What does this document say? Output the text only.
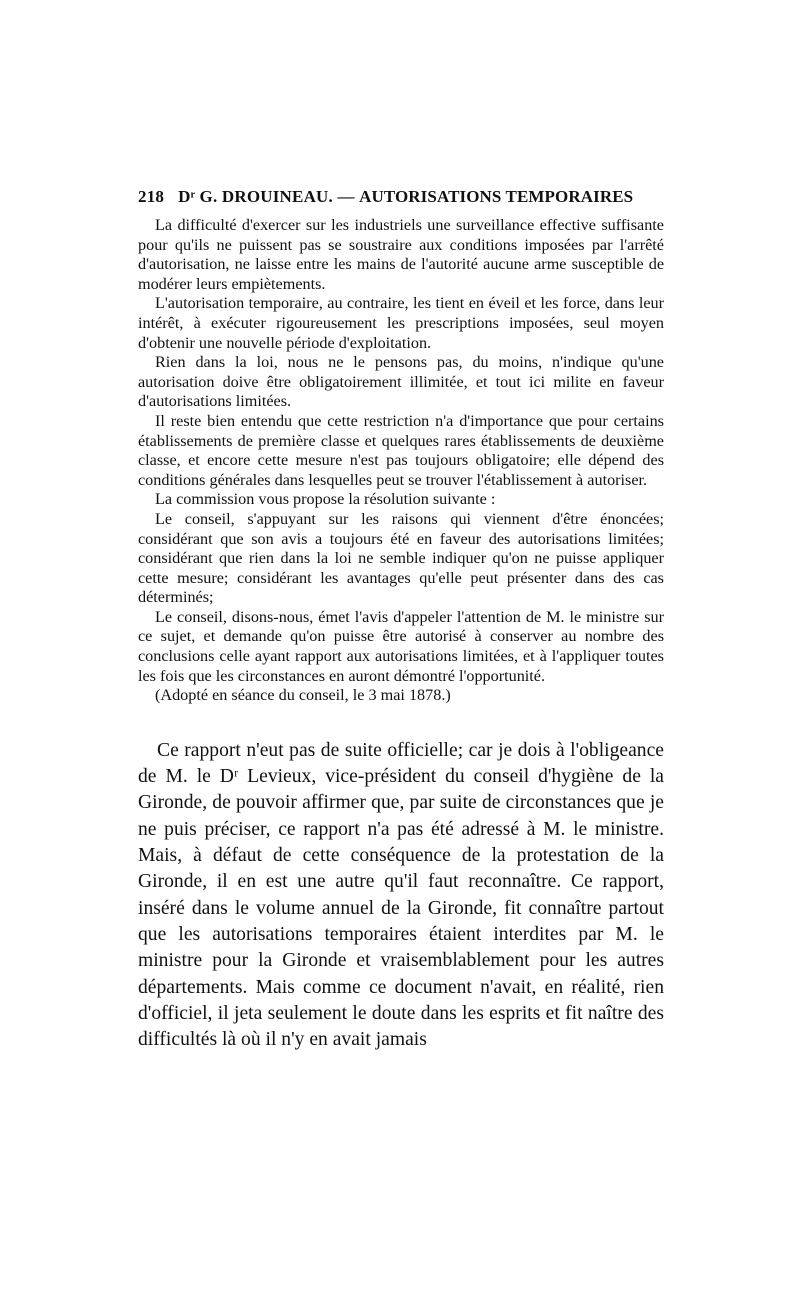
218 Dʳ G. DROUINEAU.
—
AUTORISATIONS TEMPORAIRES

La difficulté d'exercer sur les industriels une surveillance effective suffisante pour qu'ils ne puissent pas se soustraire aux conditions imposées par l'arrêté d'autorisation, ne laisse entre les mains de l'autorité aucune arme susceptible de modérer leurs empiètements.

L'autorisation temporaire, au contraire, les tient en éveil et les force, dans leur intérêt, à exécuter rigoureusement les prescriptions imposées, seul moyen d'obtenir une nouvelle période d'exploitation.

Rien dans la loi, nous ne le pensons pas, du moins, n'indique qu'une autorisation doive être obligatoirement illimitée, et tout ici milite en faveur d'autorisations limitées.

Il reste bien entendu que cette restriction n'a d'importance que pour certains établissements de première classe et quelques rares établissements de deuxième classe, et encore cette mesure n'est pas toujours obligatoire; elle dépend des conditions générales dans lesquelles peut se trouver l'établissement à autoriser.

La commission vous propose la résolution suivante :

Le conseil, s'appuyant sur les raisons qui viennent d'être énoncées; considérant que son avis a toujours été en faveur des autorisations limitées; considérant que rien dans la loi ne semble indiquer qu'on ne puisse appliquer cette mesure; considérant les avantages qu'elle peut présenter dans des cas déterminés;

Le conseil, disons-nous, émet l'avis d'appeler l'attention de M. le ministre sur ce sujet, et demande qu'on puisse être autorisé à conserver au nombre des conclusions celle ayant rapport aux autorisations limitées, et à l'appliquer toutes les fois que les circonstances en auront démontré l'opportunité.

(Adopté en séance du conseil, le 3 mai 1878.)

Ce rapport n'eut pas de suite officielle; car je dois à l'obligeance de M. le Dʳ Levieux, vice-président du conseil d'hygiène de la Gironde, de pouvoir affirmer que, par suite de circonstances que je ne puis préciser, ce rapport n'a pas été adressé à M. le ministre. Mais, à défaut de cette conséquence de la protestation de la Gironde, il en est une autre qu'il faut reconnaître. Ce rapport, inséré dans le volume annuel de la Gironde, fit connaître partout que les autorisations temporaires étaient interdites par M. le ministre pour la Gironde et vraisemblablement pour les autres départements. Mais comme ce document n'avait, en réalité, rien d'officiel, il jeta seulement le doute dans les esprits et fit naître des difficultés là où il n'y en avait jamais
